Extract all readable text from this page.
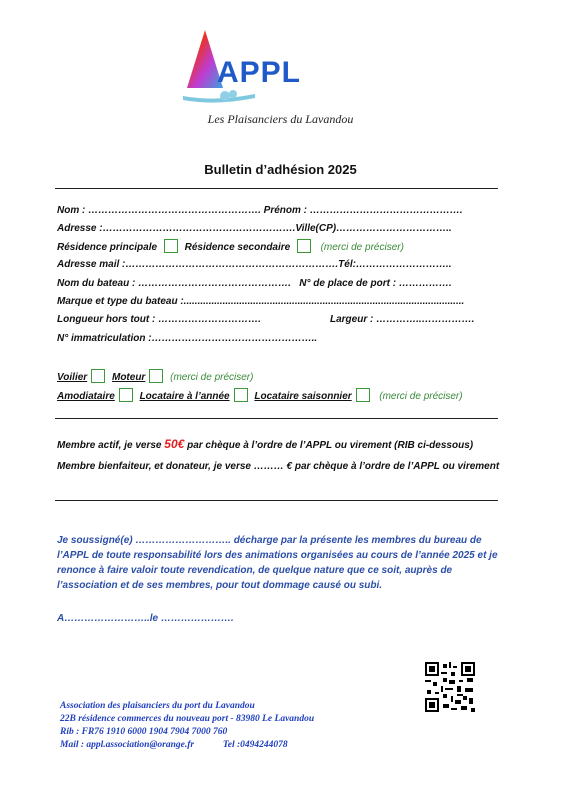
APPL
Les Plaisanciers du Lavandou
Bulletin d’adhésion 2025
Nom : ……………………………………………. Prénom : ……………………………………….
Adresse :………………………………………………….Ville(CP)……………………………..
Résidence principale	Résidence secondaire	(merci de préciser)
Adresse mail :……………………………………………………….Tél:………………………..
Nom du bateau : ………………………………………. N° de place de port : …………….
Marque et type du bateau :.....................................................................................................
Longueur hors tout : ………………………….	Largeur : …………..…………….
N° immatriculation :…………………………………………..
Voilier Moteur (merci de préciser)
Amodiataire Locataire à l’année Locataire saisonnier	(merci de préciser)
Membre actif, je verse 50€ par chèque à l’ordre de l’APPL ou virement (RIB ci-dessous)
Membre bienfaiteur, et donateur, je verse ……… € par chèque à l’ordre de l’APPL ou virement
Je soussigné(e) ……………………….. décharge par la présente les membres du bureau de l’APPL de toute responsabilité lors des animations organisées au cours de l’année 2025 et je renonce à faire valoir toute revendication, de quelque nature que ce soit, auprès de l’association et de ses membres, pour tout dommage causé ou subi.
A……………………..le ………………….
Association des plaisanciers du port du Lavandou
22B résidence commerces du nouveau port - 83980 Le Lavandou
Rib : FR76 1910 6000 1904 7904 7000 760
Mail : appl.association@orange.fr	Tel :0494244078
